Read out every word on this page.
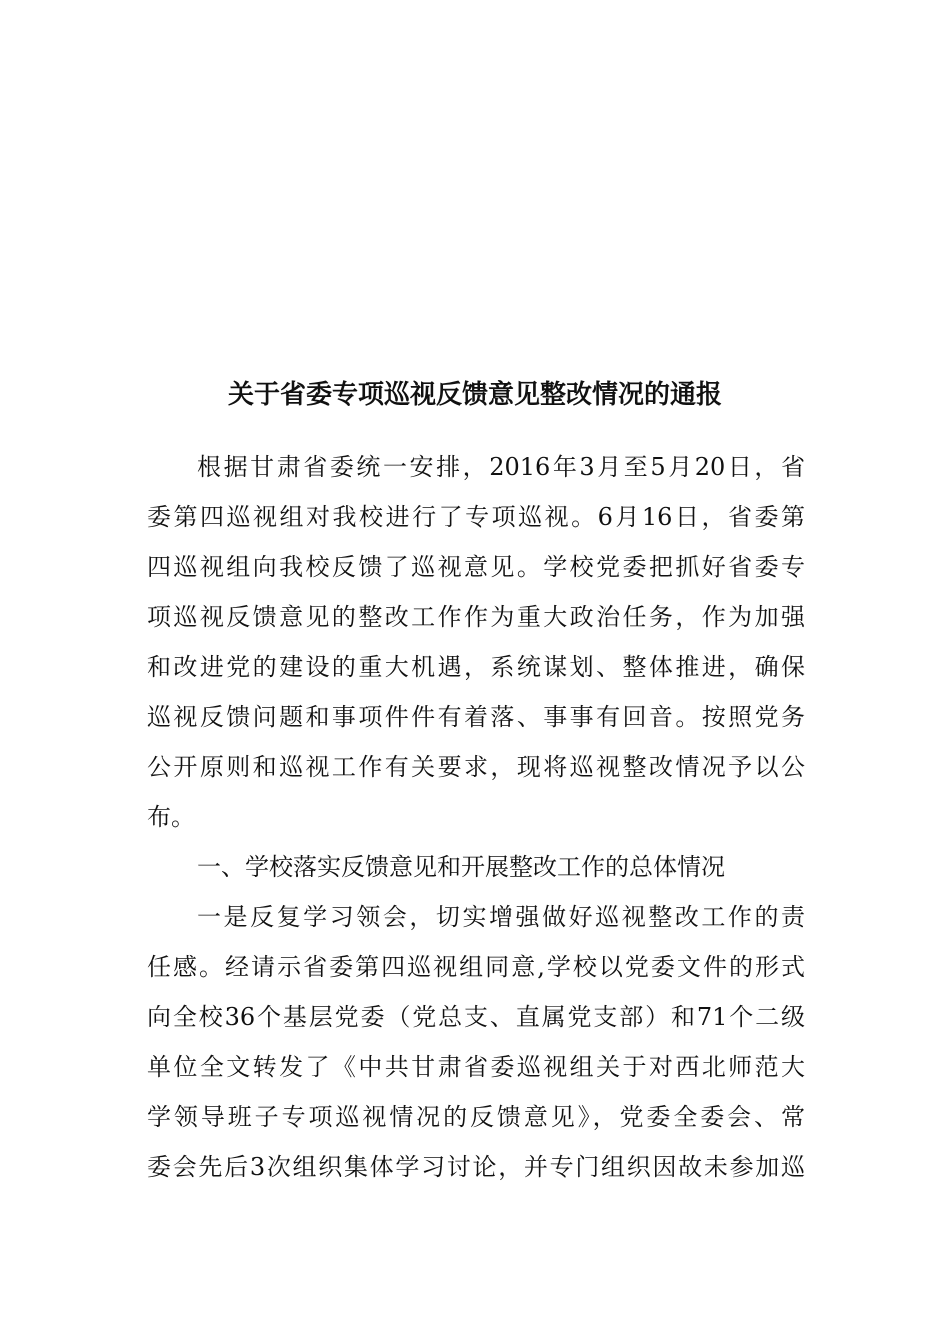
关于省委专项巡视反馈意见整改情况的通报
根据甘肃省委统一安排，2016年3月至5月20日，省
委第四巡视组对我校进行了专项巡视。6月16日，省委第
四巡视组向我校反馈了巡视意见。学校党委把抓好省委专
项巡视反馈意见的整改工作作为重大政治任务，作为加强
和改进党的建设的重大机遇，系统谋划、整体推进，确保
巡视反馈问题和事项件件有着落、事事有回音。按照党务
公开原则和巡视工作有关要求，现将巡视整改情况予以公
布。
一、学校落实反馈意见和开展整改工作的总体情况
一是反复学习领会，切实增强做好巡视整改工作的责
任感。经请示省委第四巡视组同意,学校以党委文件的形式
向全校36个基层党委（党总支、直属党支部）和71个二级
单位全文转发了《中共甘肃省委巡视组关于对西北师范大
学领导班子专项巡视情况的反馈意见》，党委全委会、常
委会先后3次组织集体学习讨论，并专门组织因故未参加巡
